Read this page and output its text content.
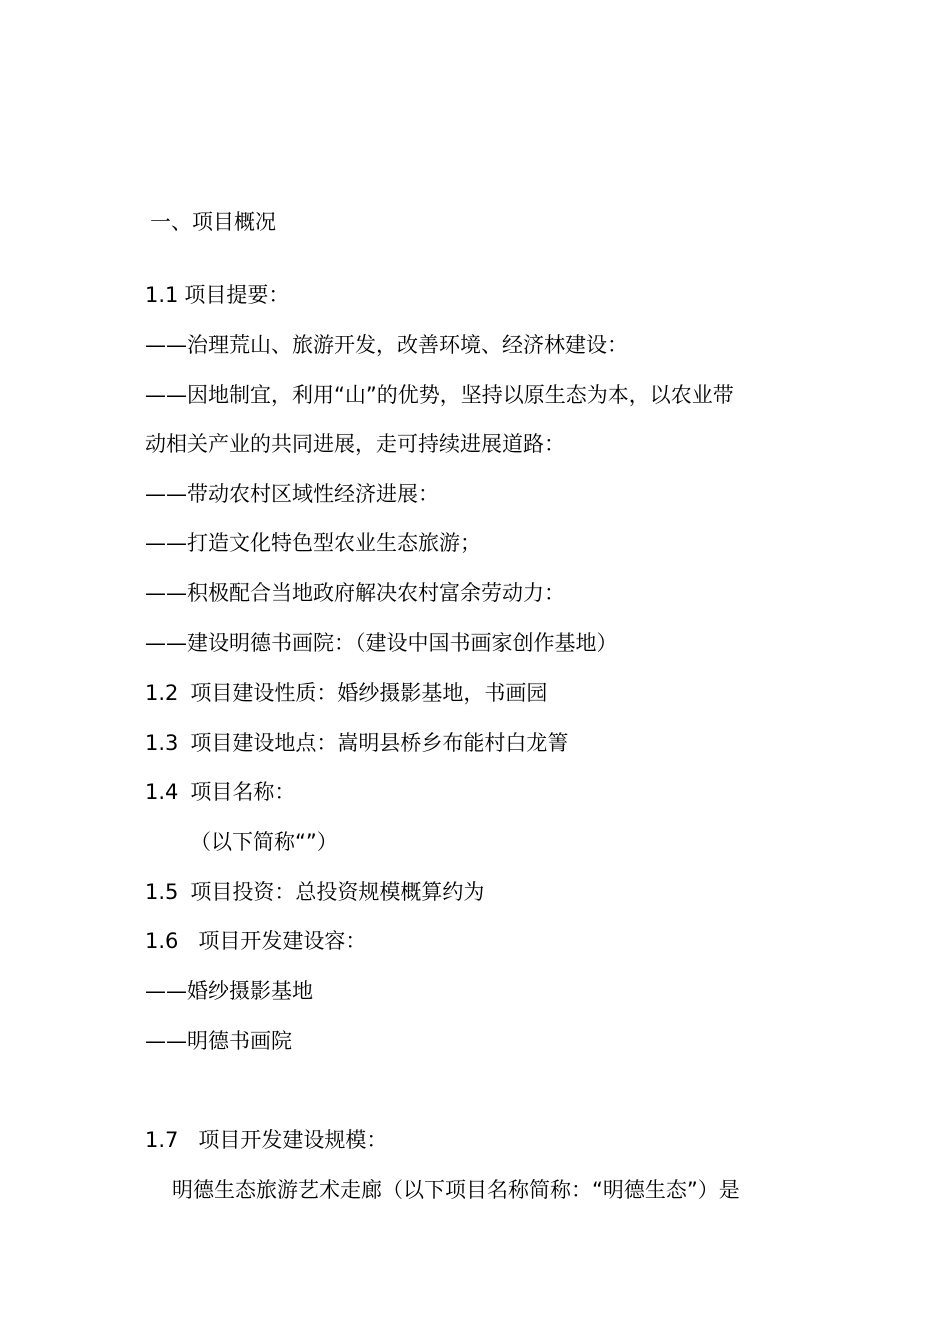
一、项目概况
1.1 项目提要：
——治理荒山、旅游开发，改善环境、经济林建设：
——因地制宜，利用“山”的优势，坚持以原生态为本，以农业带
动相关产业的共同进展，走可持续进展道路：
——带动农村区域性经济进展：
——打造文化特色型农业生态旅游；
——积极配合当地政府解决农村富余劳动力：
——建设明德书画院：（建设中国书画家创作基地）
1.2 项目建设性质：婚纱摄影基地，书画园
1.3 项目建设地点：嵩明县桥乡布能村白龙箐
1.4 项目名称：
（以下简称“”）
1.5 项目投资：总投资规模概算约为
1.6 项目开发建设容：
——婚纱摄影基地
——明德书画院
1.7 项目开发建设规模：
明德生态旅游艺术走廊（以下项目名称简称：“明德生态”）是
